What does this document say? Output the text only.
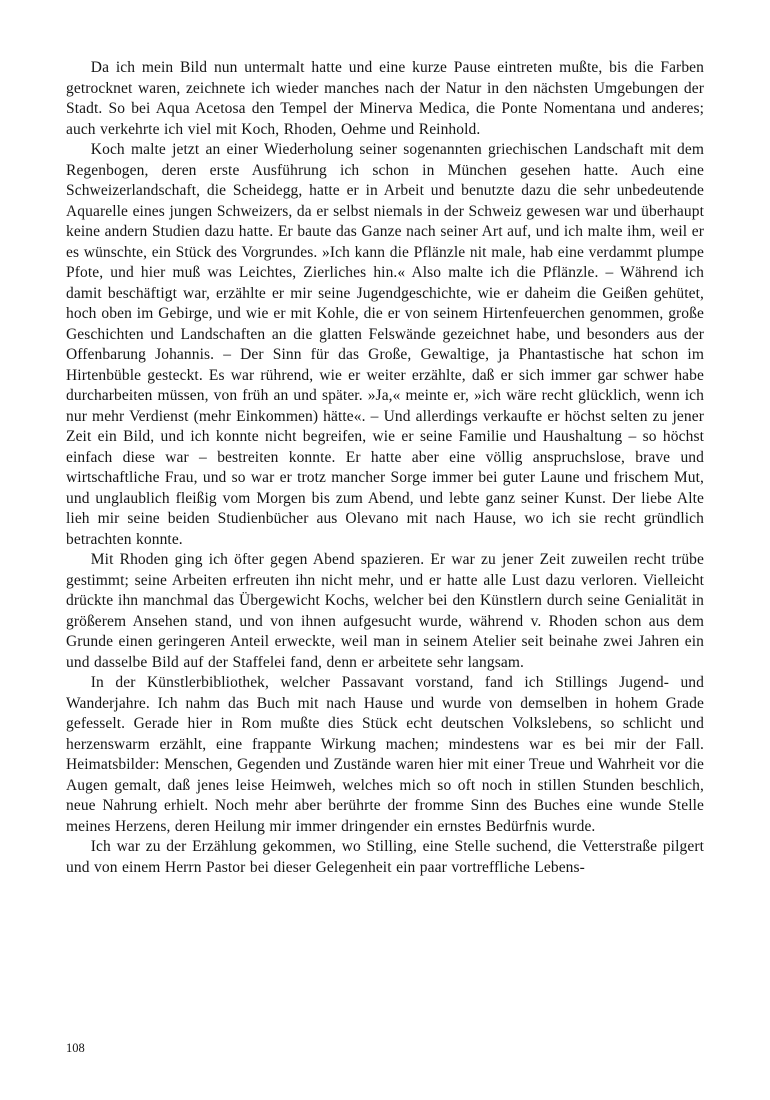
Da ich mein Bild nun untermalt hatte und eine kurze Pause eintreten mußte, bis die Farben getrocknet waren, zeichnete ich wieder manches nach der Natur in den nächsten Umgebungen der Stadt. So bei Aqua Acetosa den Tempel der Minerva Medica, die Ponte Nomentana und anderes; auch verkehrte ich viel mit Koch, Rhoden, Oehme und Reinhold.

Koch malte jetzt an einer Wiederholung seiner sogenannten griechischen Landschaft mit dem Regenbogen, deren erste Ausführung ich schon in München gesehen hatte. Auch eine Schweizerlandschaft, die Scheidegg, hatte er in Arbeit und benutzte dazu die sehr unbedeutende Aquarelle eines jungen Schweizers, da er selbst niemals in der Schweiz gewesen war und überhaupt keine andern Studien dazu hatte. Er baute das Ganze nach seiner Art auf, und ich malte ihm, weil er es wünschte, ein Stück des Vorgrundes. »Ich kann die Pflänzle nit male, hab eine verdammt plumpe Pfote, und hier muß was Leichtes, Zierliches hin.« Also malte ich die Pflänzle. – Während ich damit beschäftigt war, erzählte er mir seine Jugendgeschichte, wie er daheim die Geißen gehütet, hoch oben im Gebirge, und wie er mit Kohle, die er von seinem Hirtenfeuerchen genommen, große Geschichten und Landschaften an die glatten Felswände gezeichnet habe, und besonders aus der Offenbarung Johannis. – Der Sinn für das Große, Gewaltige, ja Phantastische hat schon im Hirtenbüble gesteckt. Es war rührend, wie er weiter erzählte, daß er sich immer gar schwer habe durcharbeiten müssen, von früh an und später. »Ja,« meinte er, »ich wäre recht glücklich, wenn ich nur mehr Verdienst (mehr Einkommen) hätte«. – Und allerdings verkaufte er höchst selten zu jener Zeit ein Bild, und ich konnte nicht begreifen, wie er seine Familie und Haushaltung – so höchst einfach diese war – bestreiten konnte. Er hatte aber eine völlig anspruchslose, brave und wirtschaftliche Frau, und so war er trotz mancher Sorge immer bei guter Laune und frischem Mut, und unglaublich fleißig vom Morgen bis zum Abend, und lebte ganz seiner Kunst. Der liebe Alte lieh mir seine beiden Studienbücher aus Olevano mit nach Hause, wo ich sie recht gründlich betrachten konnte.

Mit Rhoden ging ich öfter gegen Abend spazieren. Er war zu jener Zeit zuweilen recht trübe gestimmt; seine Arbeiten erfreuten ihn nicht mehr, und er hatte alle Lust dazu verloren. Vielleicht drückte ihn manchmal das Übergewicht Kochs, welcher bei den Künstlern durch seine Genialität in größerem Ansehen stand, und von ihnen aufgesucht wurde, während v. Rhoden schon aus dem Grunde einen geringeren Anteil erweckte, weil man in seinem Atelier seit beinahe zwei Jahren ein und dasselbe Bild auf der Staffelei fand, denn er arbeitete sehr langsam.

In der Künstlerbibliothek, welcher Passavant vorstand, fand ich Stillings Jugend- und Wanderjahre. Ich nahm das Buch mit nach Hause und wurde von demselben in hohem Grade gefesselt. Gerade hier in Rom mußte dies Stück echt deutschen Volkslebens, so schlicht und herzenswarm erzählt, eine frappante Wirkung machen; mindestens war es bei mir der Fall. Heimatsbilder: Menschen, Gegenden und Zustände waren hier mit einer Treue und Wahrheit vor die Augen gemalt, daß jenes leise Heimweh, welches mich so oft noch in stillen Stunden beschlich, neue Nahrung erhielt. Noch mehr aber berührte der fromme Sinn des Buches eine wunde Stelle meines Herzens, deren Heilung mir immer dringender ein ernstes Bedürfnis wurde.

Ich war zu der Erzählung gekommen, wo Stilling, eine Stelle suchend, die Vetterstraße pilgert und von einem Herrn Pastor bei dieser Gelegenheit ein paar vortreffliche Lebens-

108
